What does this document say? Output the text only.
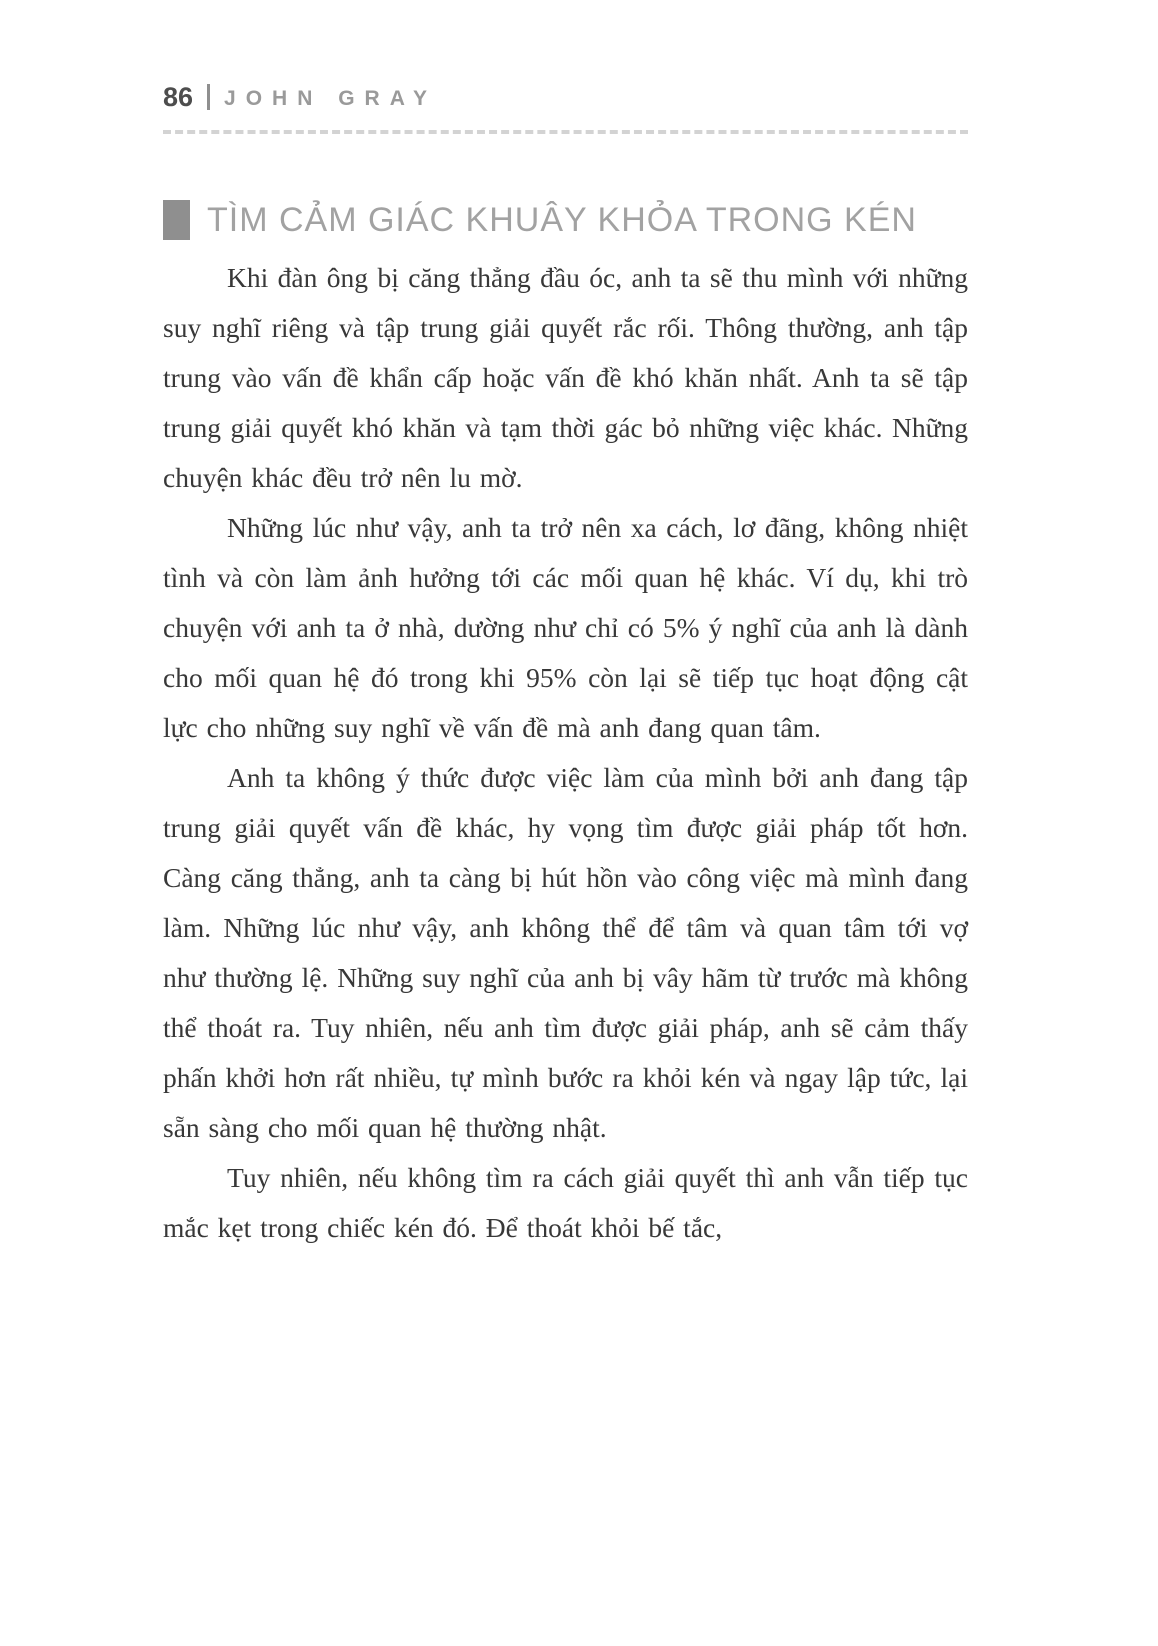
86 JOHN GRAY
TÌM CẢM GIÁC KHUÂY KHỎA TRONG KÉN

Khi đàn ông bị căng thẳng đầu óc, anh ta sẽ thu mình với những suy nghĩ riêng và tập trung giải quyết rắc rối. Thông thường, anh tập trung vào vấn đề khẩn cấp hoặc vấn đề khó khăn nhất. Anh ta sẽ tập trung giải quyết khó khăn và tạm thời gác bỏ những việc khác. Những chuyện khác đều trở nên lu mờ.

Những lúc như vậy, anh ta trở nên xa cách, lơ đãng, không nhiệt tình và còn làm ảnh hưởng tới các mối quan hệ khác. Ví dụ, khi trò chuyện với anh ta ở nhà, dường như chỉ có 5% ý nghĩ của anh là dành cho mối quan hệ đó trong khi 95% còn lại sẽ tiếp tục hoạt động cật lực cho những suy nghĩ về vấn đề mà anh đang quan tâm.

Anh ta không ý thức được việc làm của mình bởi anh đang tập trung giải quyết vấn đề khác, hy vọng tìm được giải pháp tốt hơn. Càng căng thẳng, anh ta càng bị hút hồn vào công việc mà mình đang làm. Những lúc như vậy, anh không thể để tâm và quan tâm tới vợ như thường lệ. Những suy nghĩ của anh bị vây hãm từ trước mà không thể thoát ra. Tuy nhiên, nếu anh tìm được giải pháp, anh sẽ cảm thấy phấn khởi hơn rất nhiều, tự mình bước ra khỏi kén và ngay lập tức, lại sẵn sàng cho mối quan hệ thường nhật.

Tuy nhiên, nếu không tìm ra cách giải quyết thì anh vẫn tiếp tục mắc kẹt trong chiếc kén đó. Để thoát khỏi bế tắc,
